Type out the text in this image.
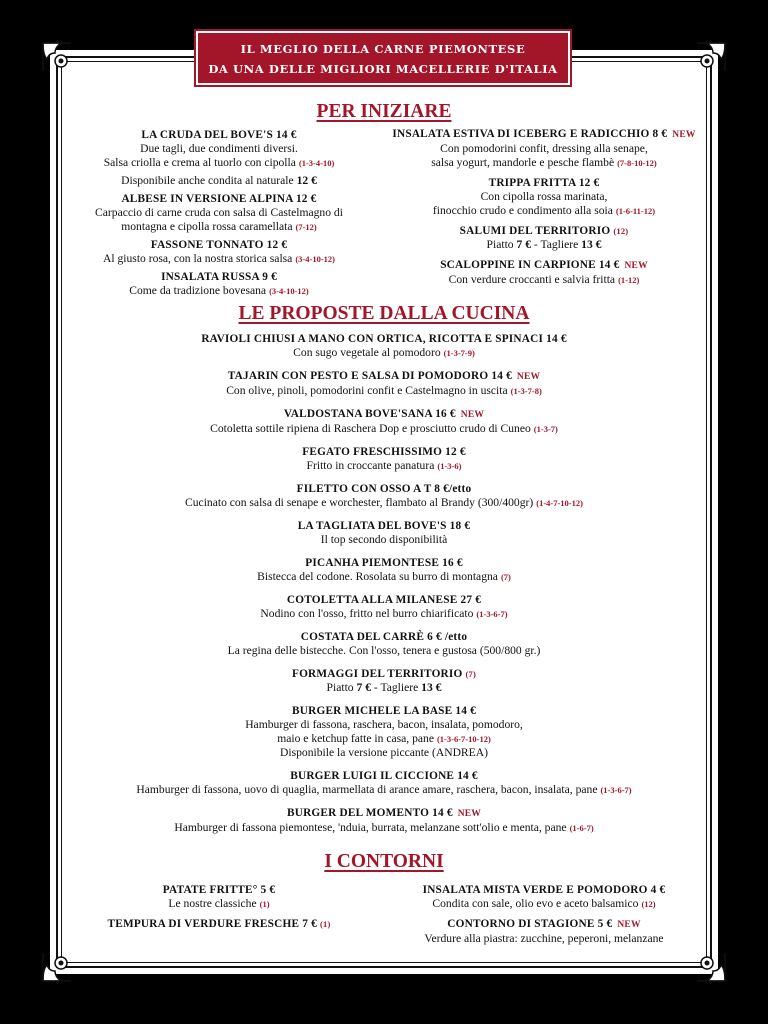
IL MEGLIO DELLA CARNE PIEMONTESE
DA UNA DELLE MIGLIORI MACELLERIE D'ITALIA
PER INIZIARE
LA CRUDA DEL BOVE'S 14 €
Due tagli, due condimenti diversi.
Salsa criolla e crema al tuorlo con cipolla (1-3-4-10)
Disponibile anche condita al naturale 12 €
ALBESE IN VERSIONE ALPINA 12 €
Carpaccio di carne cruda con salsa di Castelmagno di
montagna e cipolla rossa caramellata (7-12)
FASSONE TONNATO 12 €
Al giusto rosa, con la nostra storica salsa (3-4-10-12)
INSALATA RUSSA 9 €
Come da tradizione bovesana (3-4-10-12)
INSALATA ESTIVA DI ICEBERG E RADICCHIO 8 € NEW
Con pomodorini confit, dressing alla senape,
salsa yogurt, mandorle e pesche flambè (7-8-10-12)
TRIPPA FRITTA 12 €
Con cipolla rossa marinata,
finocchio crudo e condimento alla soia (1-6-11-12)
SALUMI DEL TERRITORIO (12)
Piatto 7 € - Tagliere 13 €
SCALOPPINE IN CARPIONE 14 € NEW
Con verdure croccanti e salvia fritta (1-12)
LE PROPOSTE DALLA CUCINA
RAVIOLI CHIUSI A MANO CON ORTICA, RICOTTA E SPINACI 14 €
Con sugo vegetale al pomodoro (1-3-7-9)
TAJARIN CON PESTO E SALSA DI POMODORO 14 € NEW
Con olive, pinoli, pomodorini confit e Castelmagno in uscita (1-3-7-8)
VALDOSTANA BOVE'SANA 16 € NEW
Cotoletta sottile ripiena di Raschera Dop e prosciutto crudo di Cuneo (1-3-7)
FEGATO FRESCHISSIMO 12 €
Fritto in croccante panatura (1-3-6)
FILETTO CON OSSO A T 8 €/etto
Cucinato con salsa di senape e worchester, flambato al Brandy (300/400gr) (1-4-7-10-12)
LA TAGLIATA DEL BOVE'S 18 €
Il top secondo disponibilità
PICANHA PIEMONTESE 16 €
Bistecca del codone. Rosolata su burro di montagna (7)
COTOLETTA ALLA MILANESE 27 €
Nodino con l'osso, fritto nel burro chiarificato (1-3-6-7)
COSTATA DEL CARRÈ 6 € /etto
La regina delle bistecche. Con l'osso, tenera e gustosa (500/800 gr.)
FORMAGGI DEL TERRITORIO (7)
Piatto 7 € - Tagliere 13 €
BURGER MICHELE LA BASE 14 €
Hamburger di fassona, raschera, bacon, insalata, pomodoro,
maio e ketchup fatte in casa, pane (1-3-6-7-10-12)
Disponibile la versione piccante (ANDREA)
BURGER LUIGI IL CICCIONE 14 €
Hamburger di fassona, uovo di quaglia, marmellata di arance amare, raschera, bacon, insalata, pane (1-3-6-7)
BURGER DEL MOMENTO 14 € NEW
Hamburger di fassona piemontese, 'nduia, burrata, melanzane sott'olio e menta, pane (1-6-7)
I CONTORNI
PATATE FRITTE° 5 €
Le nostre classiche (1)
TEMPURA DI VERDURE FRESCHE 7 € (1)
INSALATA MISTA VERDE E POMODORO 4 €
Condita con sale, olio evo e aceto balsamico (12)
CONTORNO DI STAGIONE 5 € NEW
Verdure alla piastra: zucchine, peperoni, melanzane
